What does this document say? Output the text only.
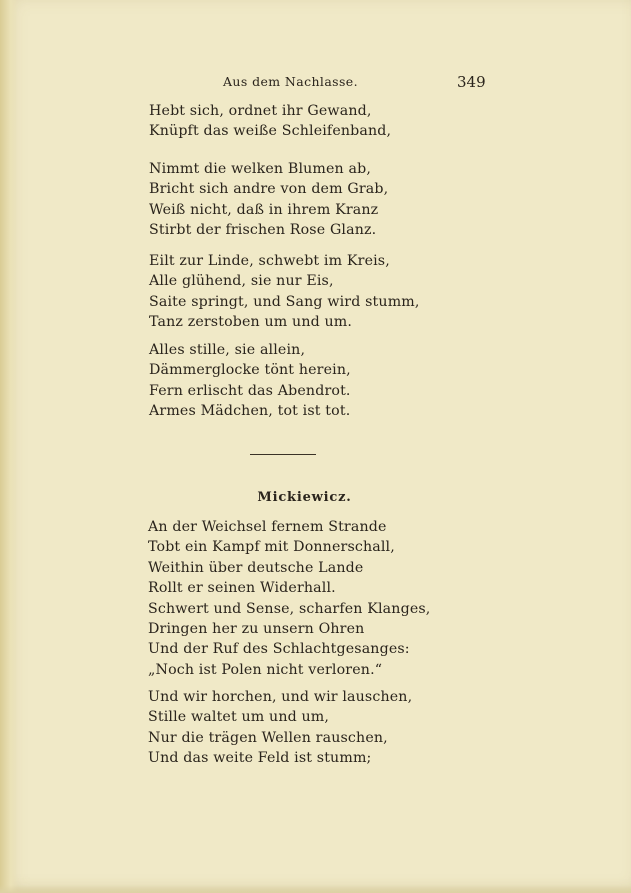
Aus dem Nachlasse.	349
Hebt sich, ordnet ihr Gewand,
Knüpft das weiße Schleifenband,
Nimmt die welken Blumen ab,
Bricht sich andre von dem Grab,
Weiß nicht, daß in ihrem Kranz
Stirbt der frischen Rose Glanz.
Eilt zur Linde, schwebt im Kreis,
Alle glühend, sie nur Eis,
Saite springt, und Sang wird stumm,
Tanz zerstoben um und um.
Alles stille, sie allein,
Dämmerglocke tönt herein,
Fern erlischt das Abendrot.
Armes Mädchen, tot ist tot.
Mickiewicz.
An der Weichsel fernem Strande
Tobt ein Kampf mit Donnerschall,
Weithin über deutsche Lande
Rollt er seinen Widerhall.
Schwert und Sense, scharfen Klanges,
Dringen her zu unsern Ohren
Und der Ruf des Schlachtgesanges:
„Noch ist Polen nicht verloren.“
Und wir horchen, und wir lauschen,
Stille waltet um und um,
Nur die trägen Wellen rauschen,
Und das weite Feld ist stumm;
